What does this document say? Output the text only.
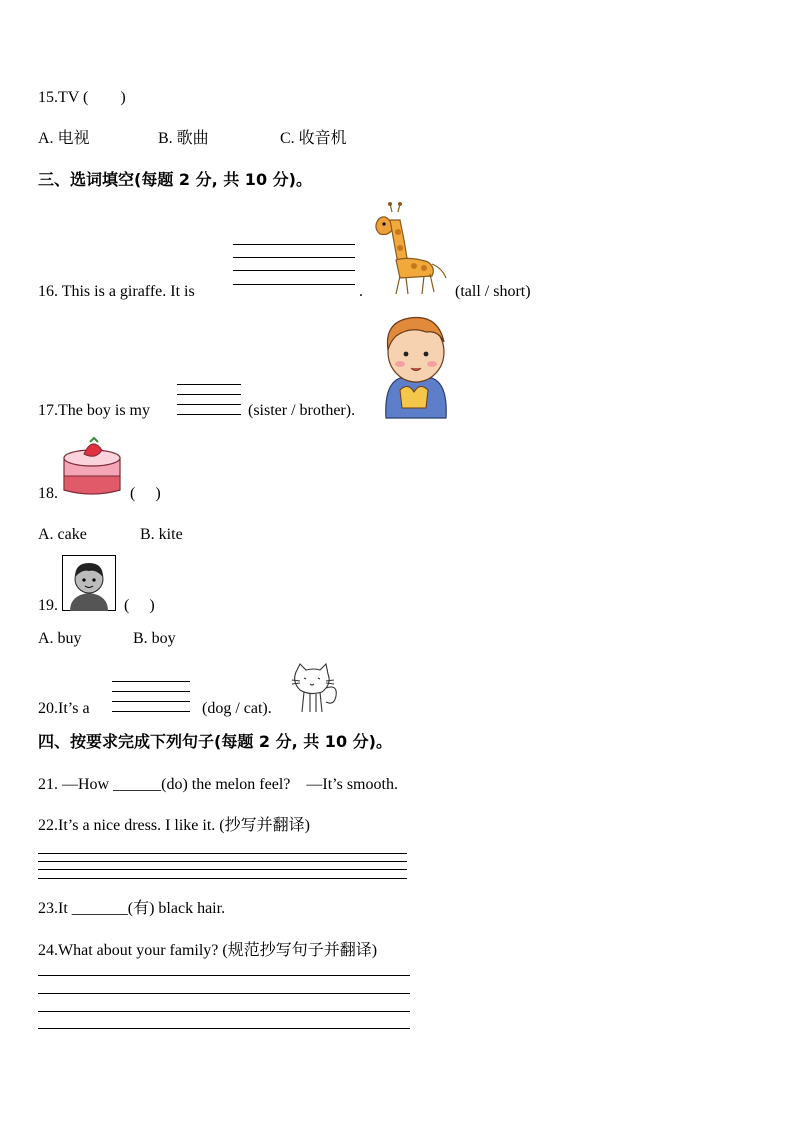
15.TV (　　)
A. 电视	B. 歌曲	C. 收音机
三、选词填空(每题 2 分, 共 10 分)。
16. This is a giraffe. It is	.	(tall / short)
17.The boy is my	(sister / brother).
18.	(　 )
A. cake	B. kite
19.	(　 )
A. buy	B. boy
20.It’s a	(dog / cat).
四、按要求完成下列句子(每题 2 分, 共 10 分)。
21. —How ______(do) the melon feel?　—It’s smooth.
22.It’s a nice dress. I like it. (抄写并翻译)
23.It _______(有) black hair.
24.What about your family? (规范抄写句子并翻译)
